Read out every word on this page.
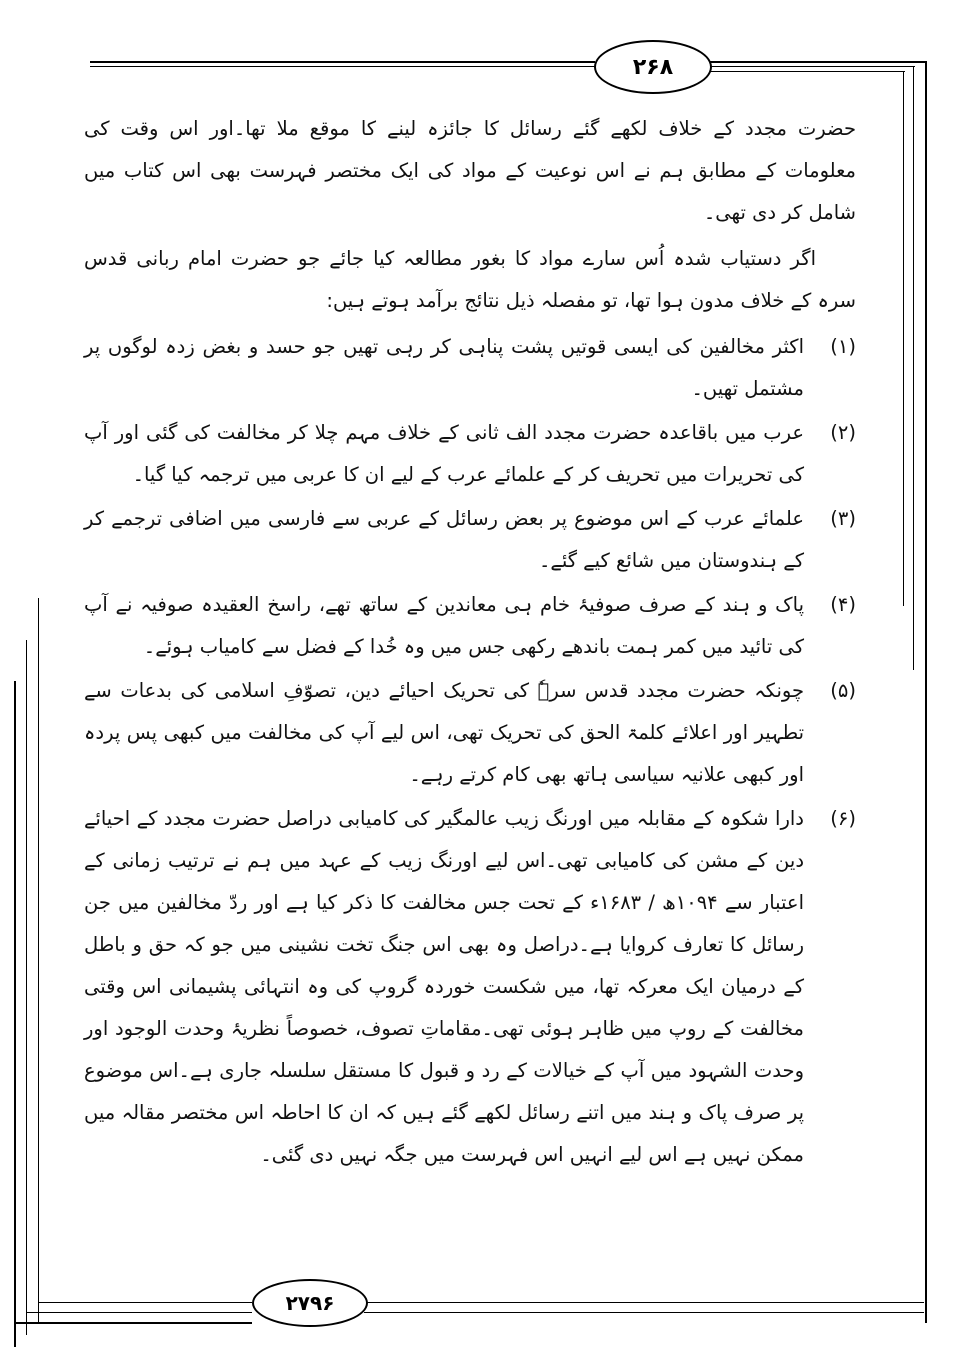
۲۶۸
۲۷۹۶

حضرت مجدد کے خلاف لکھے گئے رسائل کا جائزہ لینے کا موقع ملا تھا۔اور اس وقت کی معلومات کے مطابق ہم نے اس نوعیت کے مواد کی ایک مختصر فہرست بھی اس کتاب میں شامل کر دی تھی۔

اگر دستیاب شدہ اُس سارے مواد کا بغور مطالعہ کیا جائے جو حضرت امام ربانی قدس سرہ کے خلاف مدون ہوا تھا، تو مفصلہ ذیل نتائج برآمد ہوتے ہیں:

(۱)
اکثر مخالفین کی ایسی قوتیں پشت پناہی کر رہی تھیں جو حسد و بغض زدہ لوگوں پر مشتمل تھیں۔
(۲)
عرب میں باقاعدہ حضرت مجدد الف ثانی کے خلاف مہم چلا کر مخالفت کی گئی اور آپ کی تحریرات میں تحریف کر کے علمائے عرب کے لیے ان کا عربی میں ترجمہ کیا گیا۔
(۳)
علمائے عرب کے اس موضوع پر بعض رسائل کے عربی سے فارسی میں اضافی ترجمے کر کے ہندوستان میں شائع کیے گئے۔
(۴)
پاک و ہند کے صرف صوفیۂ خام ہی معاندین کے ساتھ تھے، راسخ العقیدہ صوفیہ نے آپ کی تائید میں کمر ہمت باندھے رکھی جس میں وہ خُدا کے فضل سے کامیاب ہوئے۔
(۵)
چونکہ حضرت مجدد قدس سرہٗ کی تحریک احیائے دین، تصوّفِ اسلامی کی بدعات سے تطہیر اور اعلائے کلمۃ الحق کی تحریک تھی، اس لیے آپ کی مخالفت میں کبھی پس پردہ اور کبھی علانیہ سیاسی ہاتھ بھی کام کرتے رہے۔
(۶)
دارا شکوہ کے مقابلہ میں اورنگ زیب عالمگیر کی کامیابی دراصل حضرت مجدد کے احیائے دین کے مشن کی کامیابی تھی۔اس لیے اورنگ زیب کے عہد میں ہم نے ترتیب زمانی کے اعتبار سے ۱۰۹۴ھ / ۱۶۸۳ء کے تحت جس مخالفت کا ذکر کیا ہے اور ردّ مخالفین میں جن رسائل کا تعارف کروایا ہے۔دراصل وہ بھی اس جنگ تخت نشینی میں جو کہ حق و باطل کے درمیان ایک معرکہ تھا، میں شکست خوردہ گروپ کی وہ انتہائی پشیمانی اس وقتی مخالفت کے روپ میں ظاہر ہوئی تھی۔مقاماتِ تصوف، خصوصاً نظریۂ وحدت الوجود اور وحدت الشہود میں آپ کے خیالات کے رد و قبول کا مستقل سلسلہ جاری ہے۔اس موضوع پر صرف پاک و ہند میں اتنے رسائل لکھے گئے ہیں کہ ان کا احاطہ اس مختصر مقالہ میں ممکن نہیں ہے اس لیے انہیں اس فہرست میں جگہ نہیں دی گئی۔
